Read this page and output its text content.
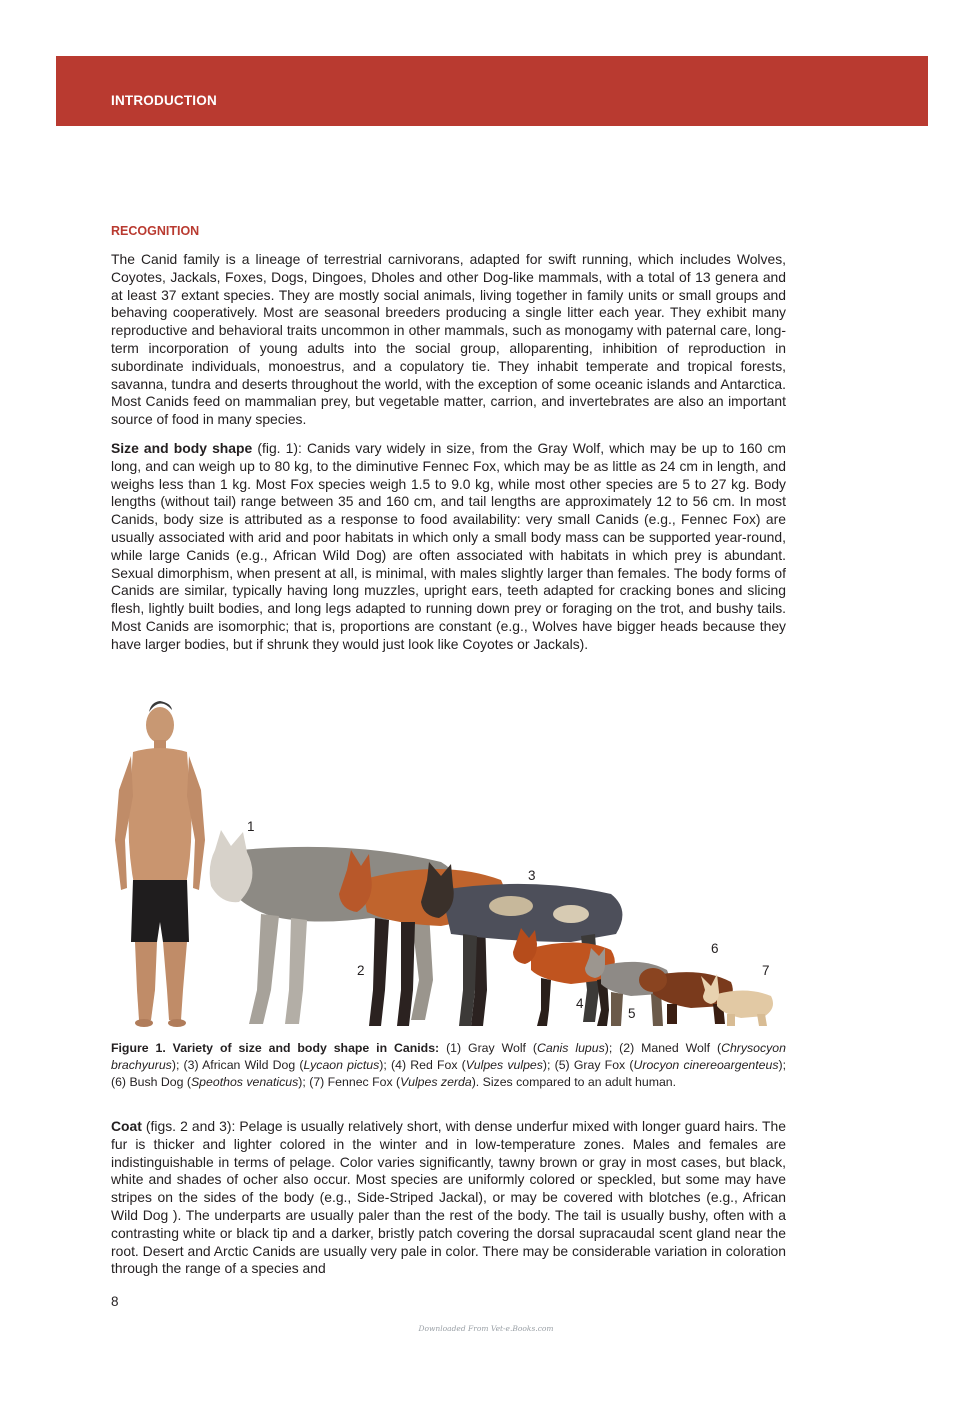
INTRODUCTION
RECOGNITION

The Canid family is a lineage of terrestrial carnivorans, adapted for swift running, which includes Wolves, Coyotes, Jackals, Foxes, Dogs, Dingoes, Dholes and other Dog-like mammals, with a total of 13 genera and at least 37 extant species. They are mostly social animals, living together in family units or small groups and behaving cooperatively. Most are seasonal breeders producing a single litter each year. They exhibit many reproductive and behavioral traits uncommon in other mammals, such as monogamy with paternal care, long-term incorporation of young adults into the social group, alloparenting, inhibition of reproduction in subordinate individuals, monoestrus, and a copulatory tie. They inhabit temperate and tropical forests, savanna, tundra and deserts throughout the world, with the exception of some oceanic islands and Antarctica. Most Canids feed on mammalian prey, but vegetable matter, carrion, and invertebrates are also an important source of food in many species.

Size and body shape (fig. 1): Canids vary widely in size, from the Gray Wolf, which may be up to 160 cm long, and can weigh up to 80 kg, to the diminutive Fennec Fox, which may be as little as 24 cm in length, and weighs less than 1 kg. Most Fox species weigh 1.5 to 9.0 kg, while most other species are 5 to 27 kg. Body lengths (without tail) range between 35 and 160 cm, and tail lengths are approximately 12 to 56 cm. In most Canids, body size is attributed as a response to food availability: very small Canids (e.g., Fennec Fox) are usually associated with arid and poor habitats in which only a small body mass can be supported year-round, while large Canids (e.g., African Wild Dog) are often associated with habitats in which prey is abundant. Sexual dimorphism, when present at all, is minimal, with males slightly larger than females. The body forms of Canids are similar, typically having long muzzles, upright ears, teeth adapted for cracking bones and slicing flesh, lightly built bodies, and long legs adapted to running down prey or foraging on the trot, and bushy tails. Most Canids are isomorphic; that is, proportions are constant (e.g., Wolves have bigger heads because they have larger bodies, but if shrunk they would just look like Coyotes or Jackals).

1
2
3
4
5
6
7
Figure 1. Variety of size and body shape in Canids: (1) Gray Wolf (Canis lupus); (2) Maned Wolf (Chrysocyon brachyurus); (3) African Wild Dog (Lycaon pictus); (4) Red Fox (Vulpes vulpes); (5) Gray Fox (Urocyon cinereoargenteus); (6) Bush Dog (Speothos venaticus); (7) Fennec Fox (Vulpes zerda). Sizes compared to an adult human.

Coat (figs. 2 and 3): Pelage is usually relatively short, with dense underfur mixed with longer guard hairs. The fur is thicker and lighter colored in the winter and in low-temperature zones. Males and females are indistinguishable in terms of pelage. Color varies significantly, tawny brown or gray in most cases, but black, white and shades of ocher also occur. Most species are uniformly colored or speckled, but some may have stripes on the sides of the body (e.g., Side-Striped Jackal), or may be covered with blotches (e.g., African Wild Dog ). The underparts are usually paler than the rest of the body. The tail is usually bushy, often with a contrasting white or black tip and a darker, bristly patch covering the dorsal supracaudal scent gland near the root. Desert and Arctic Canids are usually very pale in color. There may be considerable variation in coloration through the range of a species and

8
Downloaded From Vet-e.Books.com
